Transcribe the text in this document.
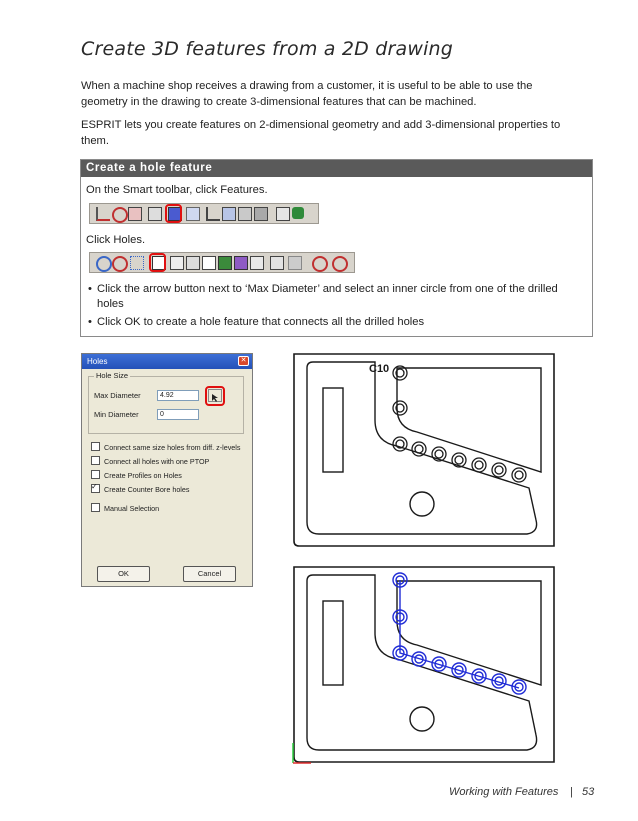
Create 3D features from a 2D drawing
When a machine shop receives a drawing from a customer, it is useful to be able to use the
geometry in the drawing to create 3-dimensional features that can be machined.
ESPRIT lets you create features on 2-dimensional geometry and add 3-dimensional properties to
them.
Create a hole feature
On the Smart toolbar, click Features.
Click Holes.
• Click the arrow button next to ‘Max Diameter’ and select an inner circle from one of the drilled
holes
• Click OK to create a hole feature that connects all the drilled holes
Holes	✕
Hole Size
Max Diameter	4.92
Min Diameter	0
Connect same size holes from diff. z-levels
Connect all holes with one PTOP
Create Profiles on Holes
✓Create Counter Bore holes
Manual Selection
OK	Cancel
C10
Working with Features | 53
